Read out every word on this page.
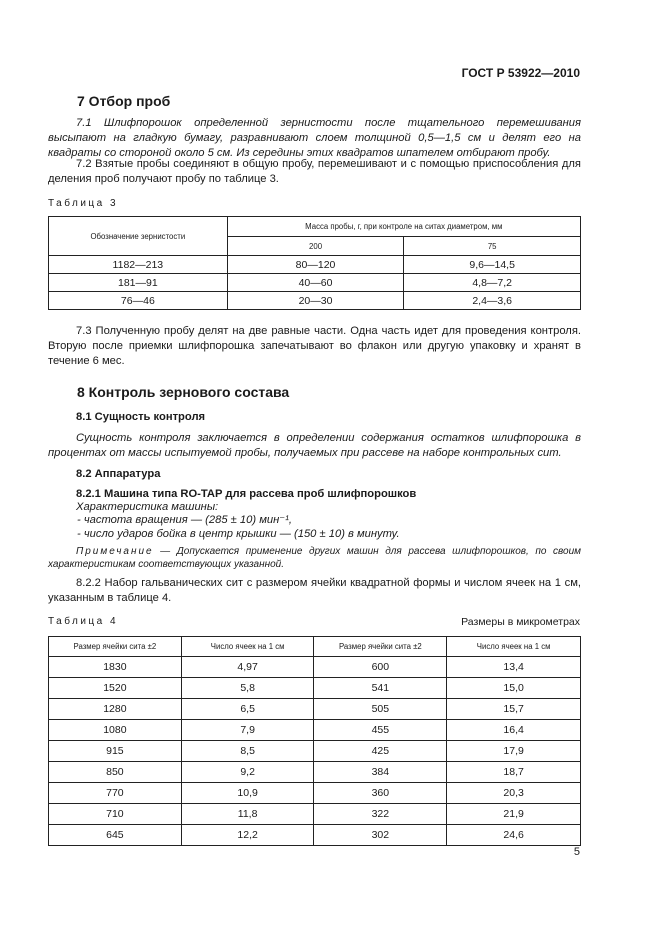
ГОСТ Р 53922—2010
7 Отбор проб

7.1 Шлифпорошок определенной зернистости после тщательного перемешивания высыпают на гладкую бумагу, разравнивают слоем толщиной 0,5—1,5 см и делят его на квадраты со стороной около 5 см. Из середины этих квадратов шпателем отбирают пробу.

7.2 Взятые пробы соединяют в общую пробу, перемешивают и с помощью приспособления для деления проб получают пробу по таблице 3.

Таблица 3
Обозначение зернистости	Масса пробы, г, при контроле на ситах диаметром, мм	
	200	75
1182—213	80—120	9,6—14,5
181—91	40—60	4,8—7,2
76—46	20—30	2,4—3,6

7.3 Полученную пробу делят на две равные части. Одна часть идет для проведения контроля. Вторую после приемки шлифпорошка запечатывают во флакон или другую упаковку и хранят в течение 6 мес.

8 Контроль зернового состава

8.1 Сущность контроля

Сущность контроля заключается в определении содержания остатков шлифпорошка в процентах от массы испытуемой пробы, получаемых при рассеве на наборе контрольных сит.

8.2 Аппаратура

8.2.1 Машина типа RO-TAP для рассева проб шлифпорошков

Характеристика машины:

- частота вращения — (285 ± 10) мин⁻¹,

- число ударов бойка в центр крышки — (150 ± 10) в минуту.

Примечание — Допускается применение других машин для рассева шлифпорошков, по своим характеристикам соответствующих указанной.

8.2.2 Набор гальванических сит с размером ячейки квадратной формы и числом ячеек на 1 см, указанным в таблице 4.

Таблица 4	Размеры в микрометрах
Размер ячейки сита ±2	Число ячеек на 1 см	Размер ячейки сита ±2	Число ячеек на 1 см
1830	4,97	600	13,4
1520	5,8	541	15,0
1280	6,5	505	15,7
1080	7,9	455	16,4
915	8,5	425	17,9
850	9,2	384	18,7
770	10,9	360	20,3
710	11,8	322	21,9
645	12,2	302	24,6
5
